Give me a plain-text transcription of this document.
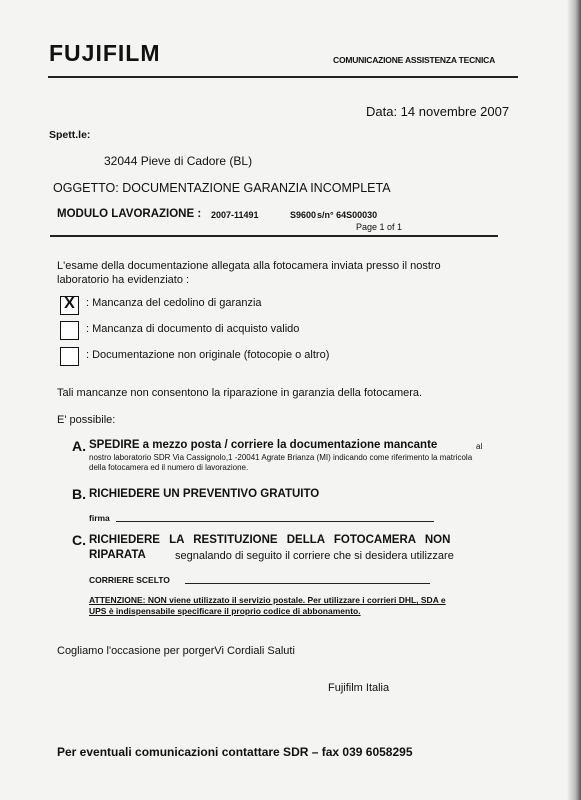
FUJIFILM	COMUNICAZIONE ASSISTENZA TECNICA
Data: 14 novembre 2007
Spett.le:
32044 Pieve di Cadore (BL)
OGGETTO: DOCUMENTAZIONE GARANZIA INCOMPLETA
MODULO LAVORAZIONE : 2007-11491	S9600 s/n° 64S00030
Page 1 of 1
L'esame della documentazione allegata alla fotocamera inviata presso il nostro laboratorio ha evidenziato :
X : Mancanza del cedolino di garanzia
: Mancanza di documento di acquisto valido
: Documentazione non originale (fotocopie o altro)
Tali mancanze non consentono la riparazione in garanzia della fotocamera.
E' possibile:
A. SPEDIRE a mezzo posta / corriere la documentazione mancante	al
nostro laboratorio SDR Via Cassignolo,1 -20041 Agrate Brianza (MI) indicando come riferimento la matricola della fotocamera ed il numero di lavorazione.
B. RICHIEDERE UN PREVENTIVO GRATUITO
firma
C. RICHIEDERE LA RESTITUZIONE DELLA FOTOCAMERA NON
RIPARATA	segnalando di seguito il corriere che si desidera utilizzare
CORRIERE SCELTO
ATTENZIONE: NON viene utilizzato il servizio postale. Per utilizzare i corrieri DHL, SDA e UPS è indispensabile specificare il proprio codice di abbonamento.
Cogliamo l'occasione per porgerVi Cordiali Saluti
Fujifilm Italia
Per eventuali comunicazioni contattare SDR – fax 039 6058295
